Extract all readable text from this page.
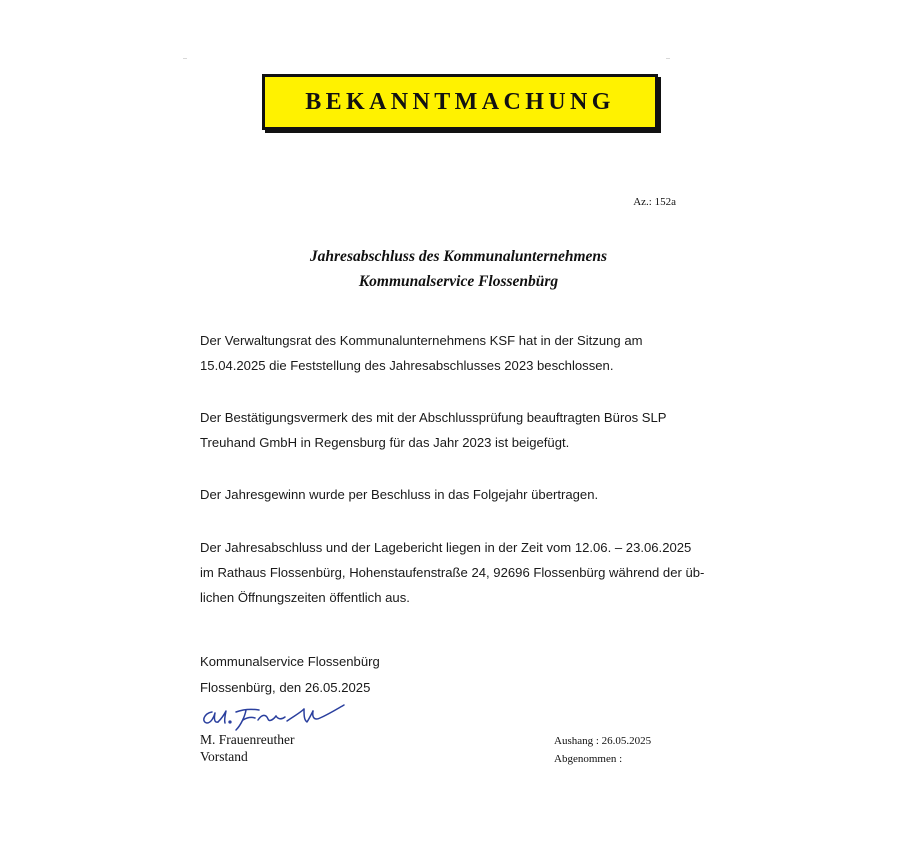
BEKANNTMACHUNG
Az.: 152a
Jahresabschluss des Kommunalunternehmens
Kommunalservice Flossenbürg
Der Verwaltungsrat des Kommunalunternehmens KSF hat in der Sitzung am
15.04.2025 die Feststellung des Jahresabschlusses 2023 beschlossen.
Der Bestätigungsvermerk des mit der Abschlussprüfung beauftragten Büros SLP
Treuhand GmbH in Regensburg für das Jahr 2023 ist beigefügt.
Der Jahresgewinn wurde per Beschluss in das Folgejahr übertragen.
Der Jahresabschluss und der Lagebericht liegen in der Zeit vom 12.06. – 23.06.2025
im Rathaus Flossenbürg, Hohenstaufenstraße 24, 92696 Flossenbürg während der üb-
lichen Öffnungszeiten öffentlich aus.
Kommunalservice Flossenbürg
Flossenbürg, den 26.05.2025
M. Frauenreuther
Vorstand
Aushang : 26.05.2025
Abgenommen :
